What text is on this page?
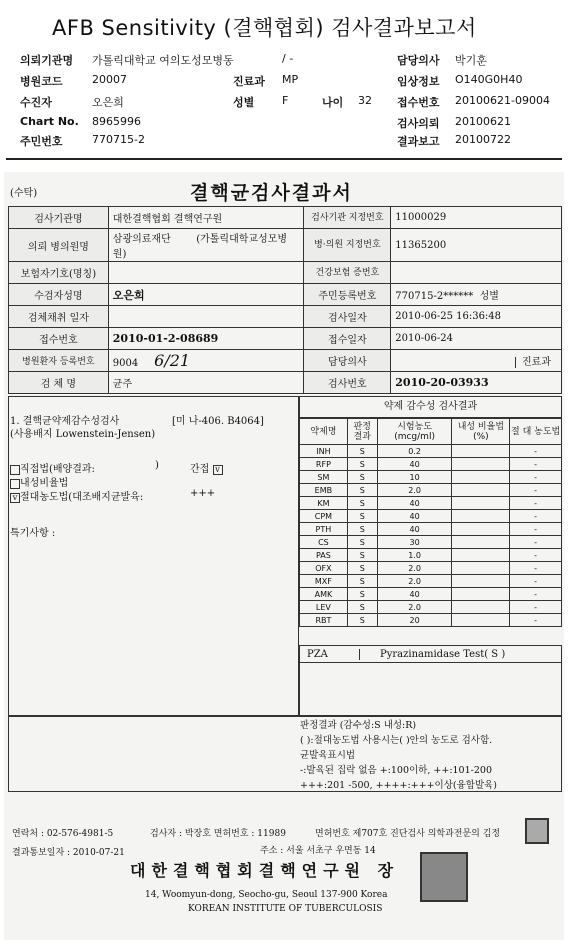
AFB Sensitivity (결핵협회) 검사결과보고서
의뢰기관명 가톨릭대학교 여의도성모병동	/ -	담당의사 박기훈
병원코드	20007	진료과 MP	임상정보 O140G0H40
수진자	오은희	성별	F	나이 32 접수번호 20100621-09004
Chart No. 8965996	검사의뢰 20100621
주민번호	770715-2	결과보고 20100722
(수탁)	결핵균검사결과서
검사기관명	대한결핵협회 결핵연구원	검사기관 지정번호	11000029
의뢰 병의원명	삼광의료재단 (가톨릭대학교성모병원)	병·의원 지정번호	11365200
보험자기호(명칭)		건강보험 증번호	
수검자성명	오은희	주민등록번호	770715-2****** 성별
검체채취 일자		검사일자	2010-06-25 16:36:48
접수번호	2010-01-2-08689	접수일자	2010-06-24
병원환자 등록번호	9004 6/21	담당의사	진료과
검 체 명	균주	검사번호	2010-20-03933
1. 결핵균약제감수성검사	[미 나-406. B4064]
(사용배지 Lowenstein-Jensen)
직접법(배양결과:	)	간접 v
내성비율법
v 절대농도법(대조배지균발육:	+++
특기사항 :
약제 감수성 검사결과
약제명	판정 결과	시험농도 (mcg/ml)	내성 비율법(%)	절 대 농도법
INH	S	0.2		-
RFP	S	40		-
SM	S	10		-
EMB	S	2.0		-
KM	S	40		-
CPM	S	40		-
PTH	S	40		-
CS	S	30		-
PAS	S	1.0		-
OFX	S	2.0		-
MXF	S	2.0		-
AMK	S	40		-
LEV	S	2.0		-
RBT	S	20		-
PZA	Pyrazinamidase Test( S )
판정결과 (감수성:S 내성:R)
( ):절대농도법 사용시는( )안의 농도로 검사함.
균발육표시법
-:발육된 집락 없음 +:100이하, ++:101-200
+++:201 -500, ++++:+++이상(융합발육)
연락처 : 02-576-4981-5	검사자 : 박장호 면허번호 : 11989	면허번호 제707호 진단검사 의학과전문의 김정
결과통보일자 : 2010-07-21	주소 : 서울 서초구 우면동 14
대한결핵협회결핵연구원 장
14, Woomyun-dong, Seocho-gu, Seoul 137-900 Korea
KOREAN INSTITUTE OF TUBERCULOSIS
